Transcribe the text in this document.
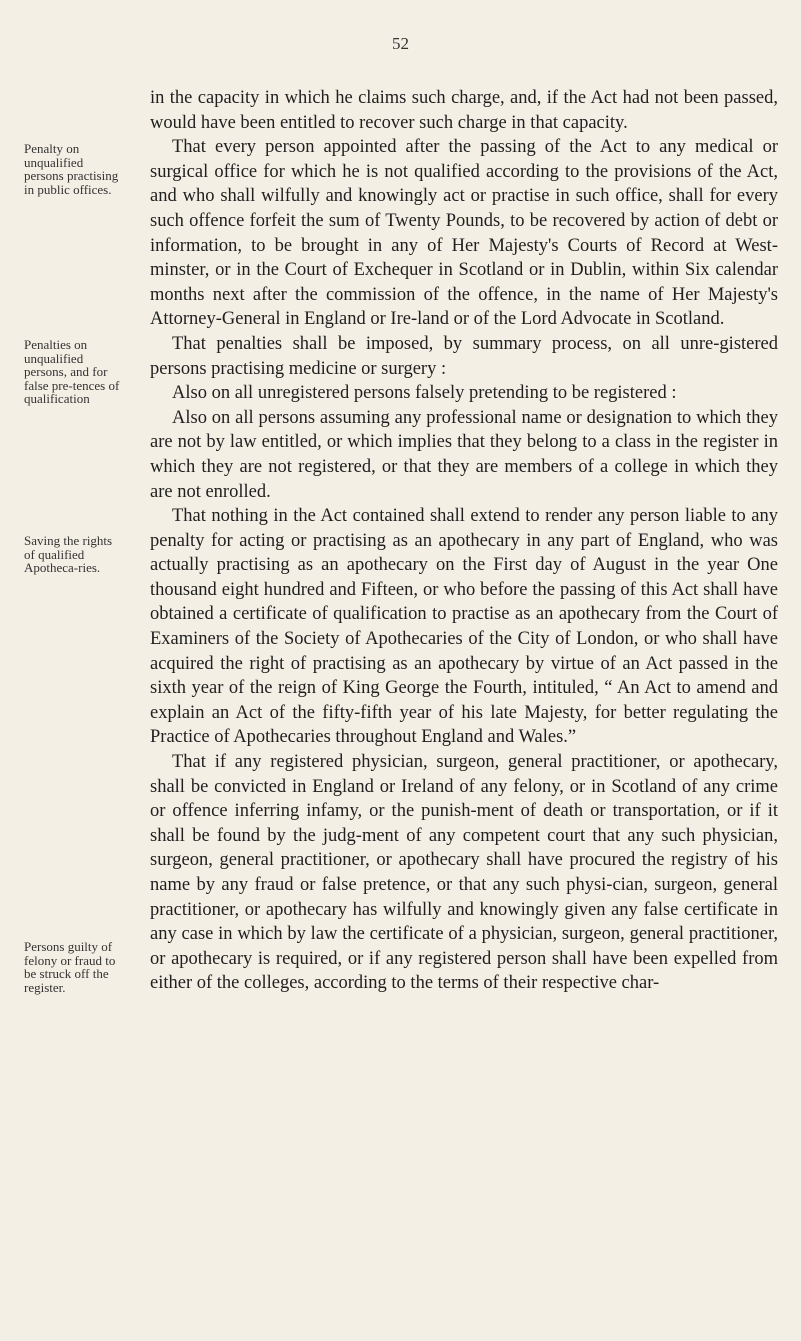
52
Penalty on unqualified persons practising in public offices.
Penalties on unqualified persons, and for false pre-tences of qualification
Saving the rights of qualified Apotheca-ries.
Persons guilty of felony or fraud to be struck off the register.

in the capacity in which he claims such charge, and, if the Act had not been passed, would have been entitled to recover such charge in that capacity.

That every person appointed after the passing of the Act to any medical or surgical office for which he is not qualified according to the provisions of the Act, and who shall wilfully and knowingly act or practise in such office, shall for every such offence forfeit the sum of Twenty Pounds, to be recovered by action of debt or information, to be brought in any of Her Majesty's Courts of Record at West-minster, or in the Court of Exchequer in Scotland or in Dublin, within Six calendar months next after the commission of the offence, in the name of Her Majesty's Attorney-General in England or Ire-land or of the Lord Advocate in Scotland.

That penalties shall be imposed, by summary process, on all unre-gistered persons practising medicine or surgery :

Also on all unregistered persons falsely pretending to be registered :

Also on all persons assuming any professional name or designation to which they are not by law entitled, or which implies that they belong to a class in the register in which they are not registered, or that they are members of a college in which they are not enrolled.

That nothing in the Act contained shall extend to render any person liable to any penalty for acting or practising as an apothecary in any part of England, who was actually practising as an apothecary on the First day of August in the year One thousand eight hundred and Fifteen, or who before the passing of this Act shall have obtained a certificate of qualification to practise as an apothecary from the Court of Examiners of the Society of Apothecaries of the City of London, or who shall have acquired the right of practising as an apothecary by virtue of an Act passed in the sixth year of the reign of King George the Fourth, intituled, “ An Act to amend and explain an Act of the fifty-fifth year of his late Majesty, for better regulating the Practice of Apothecaries throughout England and Wales.”

That if any registered physician, surgeon, general practitioner, or apothecary, shall be convicted in England or Ireland of any felony, or in Scotland of any crime or offence inferring infamy, or the punish-ment of death or transportation, or if it shall be found by the judg-ment of any competent court that any such physician, surgeon, general practitioner, or apothecary shall have procured the registry of his name by any fraud or false pretence, or that any such physi-cian, surgeon, general practitioner, or apothecary has wilfully and knowingly given any false certificate in any case in which by law the certificate of a physician, surgeon, general practitioner, or apothecary is required, or if any registered person shall have been expelled from either of the colleges, according to the terms of their respective char-
